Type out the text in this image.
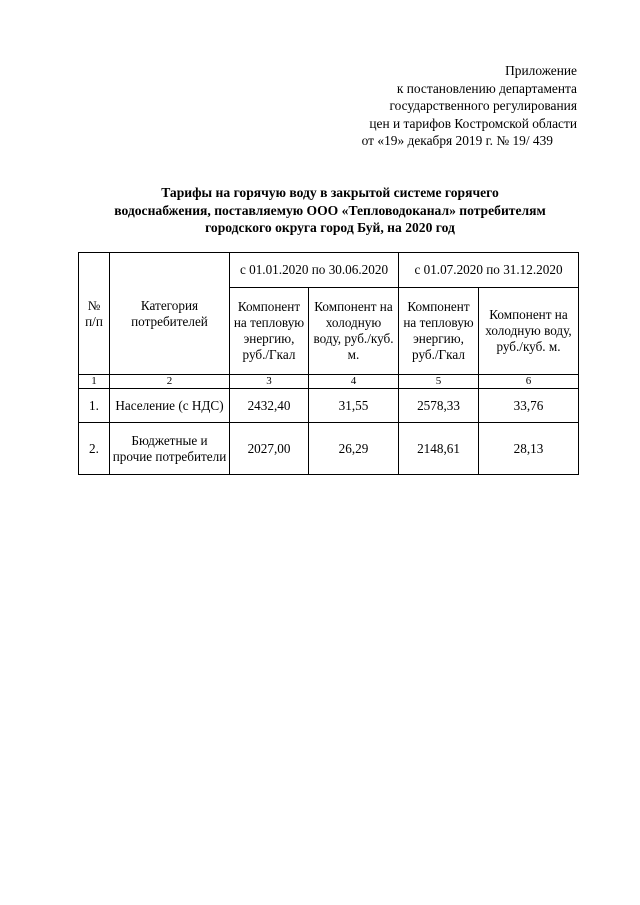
Приложение
к постановлению департамента
государственного регулирования
цен и тарифов Костромской области
от «19» декабря 2019 г. № 19/ 439
Тарифы на горячую воду в закрытой системе горячего
водоснабжения, поставляемую ООО «Тепловодоканал» потребителям
городского округа город Буй, на 2020 год
№ п/п	Категория потребителей	с 01.01.2020 по 30.06.2020		с 01.07.2020 по 31.12.2020	
		Компонент на тепловую энергию, руб./Гкал	Компонент на холодную воду, руб./куб. м.	Компонент на тепловую энергию, руб./Гкал	Компонент на холодную воду, руб./куб. м.
1	2	3	4	5	6
1.	Население (с НДС)	2432,40	31,55	2578,33	33,76
2.	Бюджетные и прочие потребители	2027,00	26,29	2148,61	28,13
